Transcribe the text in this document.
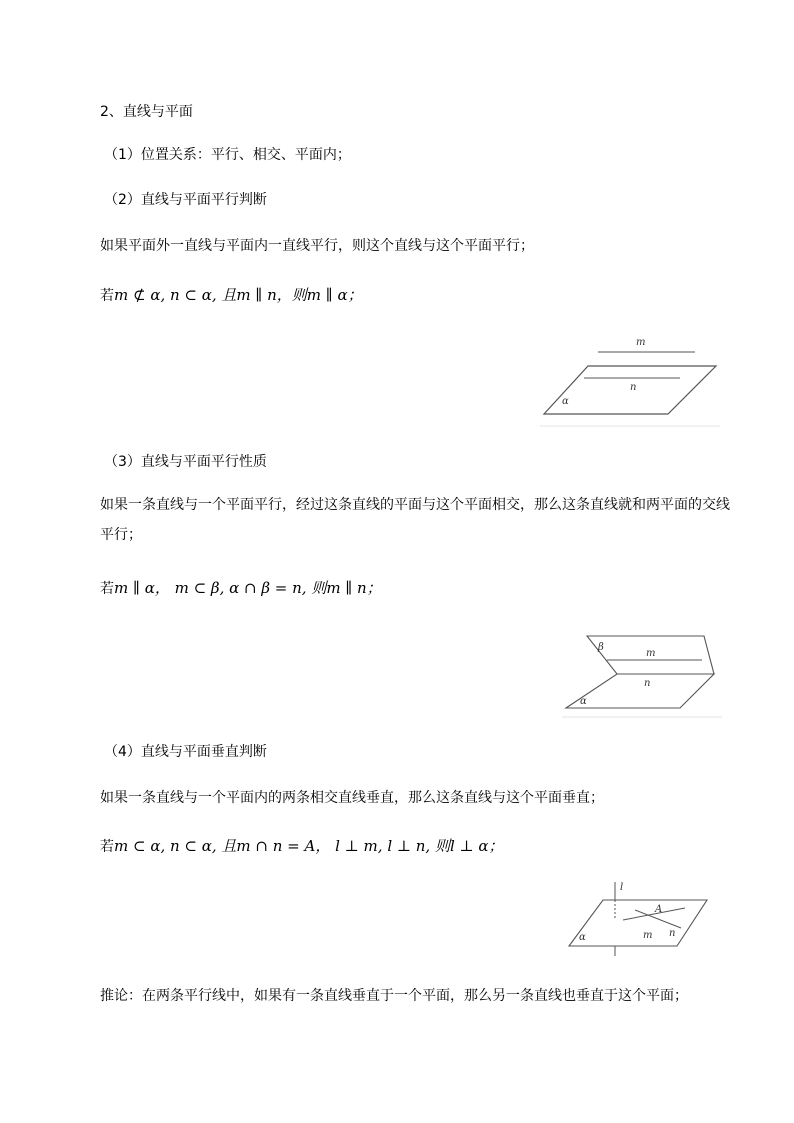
2、直线与平面
（1）位置关系：平行、相交、平面内；
（2）直线与平面平行判断
如果平面外一直线与平面内一直线平行，则这个直线与这个平面平行；
若m ⊄ α, n ⊂ α, 且m ∥ n，则m ∥ α；
m
n
α
（3）直线与平面平行性质
如果一条直线与一个平面平行，经过这条直线的平面与这个平面相交，那么这条直线就和两平面的交线平行；
若m ∥ α， m ⊂ β, α ∩ β = n, 则m ∥ n；
β
m
n
α
（4）直线与平面垂直判断
如果一条直线与一个平面内的两条相交直线垂直，那么这条直线与这个平面垂直；
若m ⊂ α, n ⊂ α, 且m ∩ n = A， l ⊥ m, l ⊥ n, 则l ⊥ α；
l
A
m n
α
推论：在两条平行线中，如果有一条直线垂直于一个平面，那么另一条直线也垂直于这个平面；
